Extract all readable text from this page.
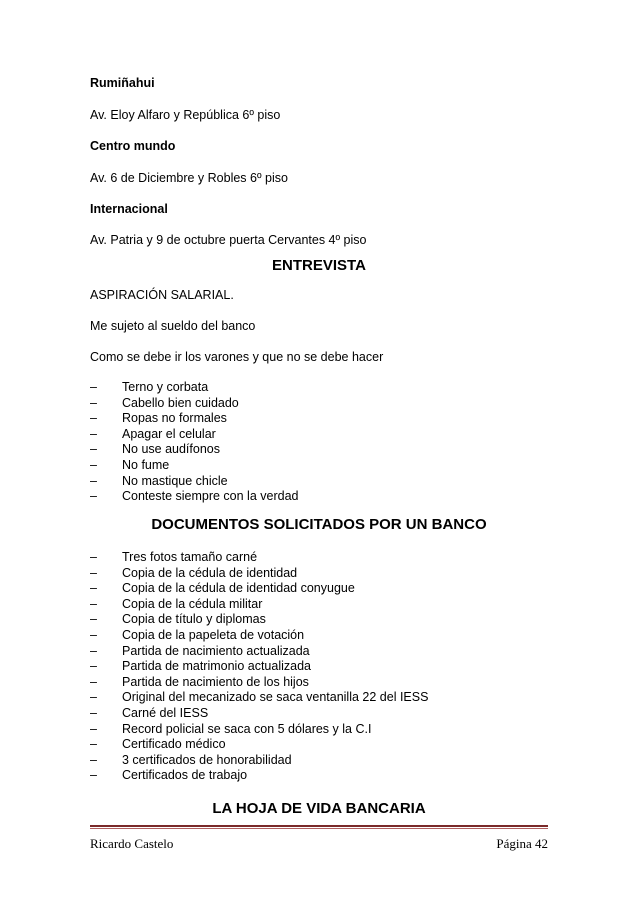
Rumiñahui
Av. Eloy Alfaro y República 6º piso
Centro mundo
Av. 6 de Diciembre y Robles 6º piso
Internacional
Av. Patria y 9 de octubre puerta Cervantes 4º piso
ENTREVISTA
ASPIRACIÓN SALARIAL.
Me sujeto al sueldo del banco
Como se debe ir los varones y que no se debe hacer
–	Terno y corbata
–	Cabello bien cuidado
–	Ropas no formales
–	Apagar el celular
–	No use audífonos
–	No fume
–	No mastique chicle
–	Conteste siempre con la verdad
DOCUMENTOS SOLICITADOS POR UN BANCO
–	Tres fotos tamaño carné
–	Copia de la cédula de identidad
–	Copia de la cédula de identidad conyugue
–	Copia de la cédula militar
–	Copia de título y diplomas
–	Copia de la papeleta de votación
–	Partida de nacimiento actualizada
–	Partida de matrimonio actualizada
–	Partida de nacimiento de los hijos
–	Original del mecanizado se saca ventanilla 22 del IESS
–	Carné del IESS
–	Record policial se saca con 5 dólares y la C.I
–	Certificado médico
–	3 certificados de honorabilidad
–	Certificados de trabajo
LA HOJA DE VIDA BANCARIA
Ricardo Castelo	Página 42
